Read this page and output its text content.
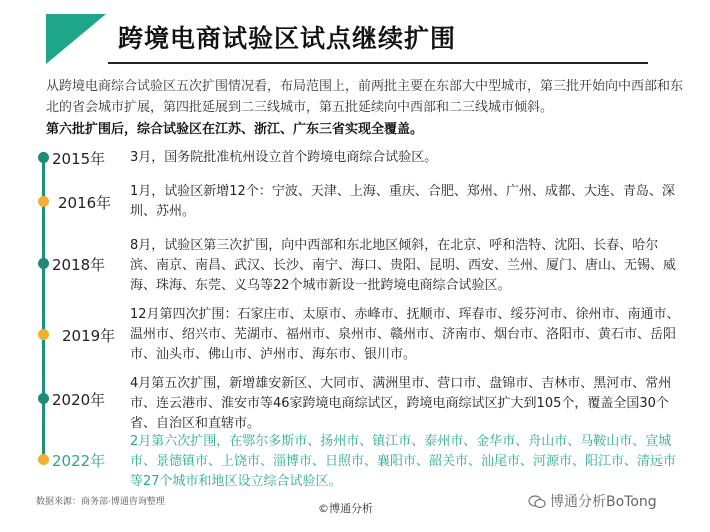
跨境电商试验区试点继续扩围
从跨境电商综合试验区五次扩围情况看，布局范围上，前两批主要在东部大中型城市，第三批开始向中西部和东北的省会城市扩展，第四批延展到二三线城市，第五批延续向中西部和二三线城市倾斜。
第六批扩围后，综合试验区在江苏、浙江、广东三省实现全覆盖。
2015年 3月，国务院批准杭州设立首个跨境电商综合试验区。
2016年
1月，试验区新增12个：宁波、天津、上海、重庆、合肥、郑州、广州、成都、大连、青岛、深圳、苏州。
2018年
8月，试验区第三次扩围，向中西部和东北地区倾斜，在北京、呼和浩特、沈阳、长春、哈尔滨、南京、南昌、武汉、长沙、南宁、海口、贵阳、昆明、西安、兰州、厦门、唐山、无锡、威海、珠海、东莞、义乌等22个城市新设一批跨境电商综合试验区。
2019年
12月第四次扩围：石家庄市、太原市、赤峰市、抚顺市、珲春市、绥芬河市、徐州市、南通市、温州市、绍兴市、芜湖市、福州市、泉州市、赣州市、济南市、烟台市、洛阳市、黄石市、岳阳市、汕头市、佛山市、泸州市、海东市、银川市。
2020年
4月第五次扩围，新增雄安新区、大同市、满洲里市、营口市、盘锦市、吉林市、黑河市、常州市、连云港市、淮安市等46家跨境电商综试区，跨境电商综试区扩大到105个，覆盖全国30个省、自治区和直辖市。
2022年
2月第六次扩围，在鄂尔多斯市、扬州市、镇江市、泰州市、金华市、舟山市、马鞍山市、宣城市、景德镇市、上饶市、淄博市、日照市、襄阳市、韶关市、汕尾市、河源市、阳江市、清远市等27个城市和地区设立综合试验区。
数据来源：商务部·博通咨询整理	©博通分析	博通分析BoTong
